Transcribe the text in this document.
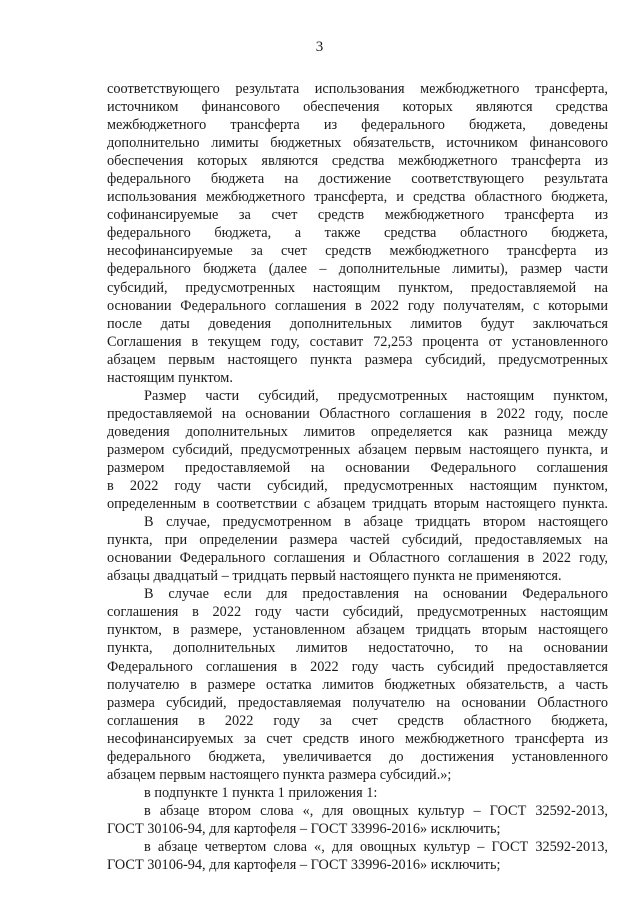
3
соответствующего результата использования межбюджетного трансферта,
источником финансового обеспечения которых являются средства
межбюджетного трансферта из федерального бюджета, доведены
дополнительно лимиты бюджетных обязательств, источником финансового
обеспечения которых являются средства межбюджетного трансферта из
федерального бюджета на достижение соответствующего результата
использования межбюджетного трансферта, и средства областного бюджета,
софинансируемые за счет средств межбюджетного трансферта из
федерального бюджета, а также средства областного бюджета,
несофинансируемые за счет средств межбюджетного трансферта из
федерального бюджета (далее – дополнительные лимиты), размер части
субсидий, предусмотренных настоящим пунктом, предоставляемой на
основании Федерального соглашения в 2022 году получателям, с которыми
после даты доведения дополнительных лимитов будут заключаться
Соглашения в текущем году, составит 72,253 процента от установленного
абзацем первым настоящего пункта размера субсидий, предусмотренных
настоящим пунктом.
Размер части субсидий, предусмотренных настоящим пунктом,
предоставляемой на основании Областного соглашения в 2022 году, после
доведения дополнительных лимитов определяется как разница между
размером субсидий, предусмотренных абзацем первым настоящего пункта, и
размером предоставляемой на основании Федерального соглашения
в 2022 году части субсидий, предусмотренных настоящим пунктом,
определенным в соответствии с абзацем тридцать вторым настоящего пункта.
В случае, предусмотренном в абзаце тридцать втором настоящего
пункта, при определении размера частей субсидий, предоставляемых на
основании Федерального соглашения и Областного соглашения в 2022 году,
абзацы двадцатый – тридцать первый настоящего пункта не применяются.
В случае если для предоставления на основании Федерального
соглашения в 2022 году части субсидий, предусмотренных настоящим
пунктом, в размере, установленном абзацем тридцать вторым настоящего
пункта, дополнительных лимитов недостаточно, то на основании
Федерального соглашения в 2022 году часть субсидий предоставляется
получателю в размере остатка лимитов бюджетных обязательств, а часть
размера субсидий, предоставляемая получателю на основании Областного
соглашения в 2022 году за счет средств областного бюджета,
несофинансируемых за счет средств иного межбюджетного трансферта из
федерального бюджета, увеличивается до достижения установленного
абзацем первым настоящего пункта размера субсидий.»;
в подпункте 1 пункта 1 приложения 1:
в абзаце втором слова «, для овощных культур – ГОСТ 32592-2013,
ГОСТ 30106-94, для картофеля – ГОСТ 33996-2016» исключить;
в абзаце четвертом слова «, для овощных культур – ГОСТ 32592-2013,
ГОСТ 30106-94, для картофеля – ГОСТ 33996-2016» исключить;
